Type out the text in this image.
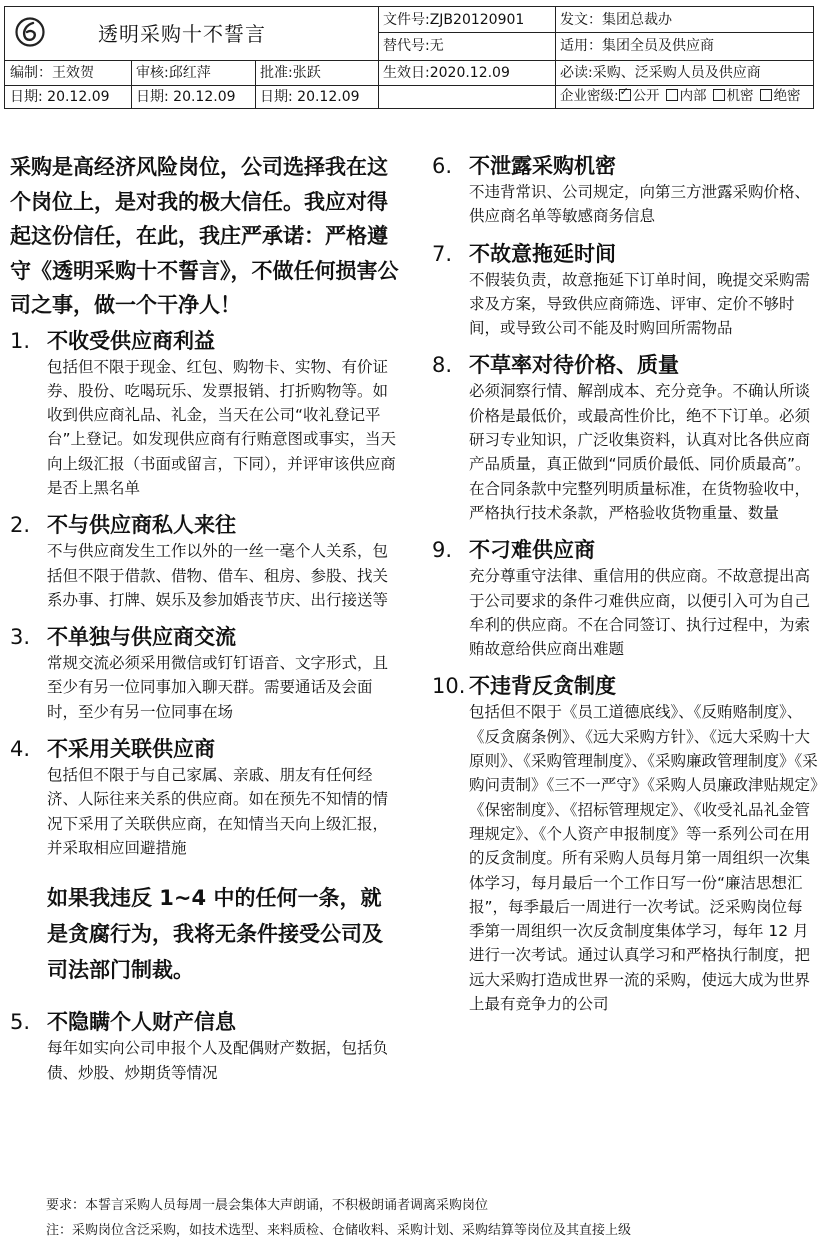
透明采购十不誓言
文件号:ZJB20120901	发文：集团总裁办
替代号:无	适用：集团全员及供应商
编制：王效贺	审核:邱红萍	批准:张跃	生效日:2020.12.09	必读:采购、泛采购人员及供应商
日期: 20.12.09	日期: 20.12.09	日期: 20.12.09	企业密级:
✓	公开	内部	机密	绝密

采购是高经济风险岗位，公司选择我在这个岗位上，是对我的极大信任。我应对得起这份信任，在此，我庄严承诺：严格遵守《透明采购十不誓言》，不做任何损害公司之事，做一个干净人！

1. 不收受供应商利益

包括但不限于现金、红包、购物卡、实物、有价证券、股份、吃喝玩乐、发票报销、打折购物等。如收到供应商礼品、礼金，当天在公司“收礼登记平台”上登记。如发现供应商有行贿意图或事实，当天向上级汇报（书面或留言，下同），并评审该供应商是否上黑名单

2. 不与供应商私人来往

不与供应商发生工作以外的一丝一毫个人关系，包括但不限于借款、借物、借车、租房、参股、找关系办事、打牌、娱乐及参加婚丧节庆、出行接送等

3. 不单独与供应商交流

常规交流必须采用微信或钉钉语音、文字形式，且至少有另一位同事加入聊天群。需要通话及会面时，至少有另一位同事在场

4. 不采用关联供应商

包括但不限于与自己家属、亲戚、朋友有任何经济、人际往来关系的供应商。如在预先不知情的情况下采用了关联供应商，在知情当天向上级汇报，并采取相应回避措施

如果我违反 1~4 中的任何一条，就是贪腐行为，我将无条件接受公司及司法部门制裁。

5. 不隐瞒个人财产信息

每年如实向公司申报个人及配偶财产数据，包括负债、炒股、炒期货等情况

6. 不泄露采购机密

不违背常识、公司规定，向第三方泄露采购价格、供应商名单等敏感商务信息

7. 不故意拖延时间

不假装负责，故意拖延下订单时间，晚提交采购需求及方案，导致供应商筛选、评审、定价不够时间，或导致公司不能及时购回所需物品

8. 不草率对待价格、质量

必须洞察行情、解剖成本、充分竞争。不确认所谈价格是最低价，或最高性价比，绝不下订单。必须研习专业知识，广泛收集资料，认真对比各供应商产品质量，真正做到“同质价最低、同价质最高”。在合同条款中完整列明质量标准，在货物验收中，严格执行技术条款，严格验收货物重量、数量

9. 不刁难供应商

充分尊重守法律、重信用的供应商。不故意提出高于公司要求的条件刁难供应商，以便引入可为自己牟利的供应商。不在合同签订、执行过程中，为索贿故意给供应商出难题

10. 不违背反贪制度

包括但不限于《员工道德底线》、《反贿赂制度》、《反贪腐条例》、《远大采购方针》、《远大采购十大原则》、《采购管理制度》、《采购廉政管理制度》《采购问责制》《三不一严守》《采购人员廉政津贴规定》《保密制度》、《招标管理规定》、《收受礼品礼金管理规定》、《个人资产申报制度》等一系列公司在用的反贪制度。所有采购人员每月第一周组织一次集体学习，每月最后一个工作日写一份“廉洁思想汇报”，每季最后一周进行一次考试。泛采购岗位每季第一周组织一次反贪制度集体学习，每年 12 月进行一次考试。通过认真学习和严格执行制度，把远大采购打造成世界一流的采购，使远大成为世界上最有竞争力的公司

要求：本誓言采购人员每周一晨会集体大声朗诵，不积极朗诵者调离采购岗位
注：采购岗位含泛采购，如技术选型、来料质检、仓储收料、采购计划、采购结算等岗位及其直接上级
